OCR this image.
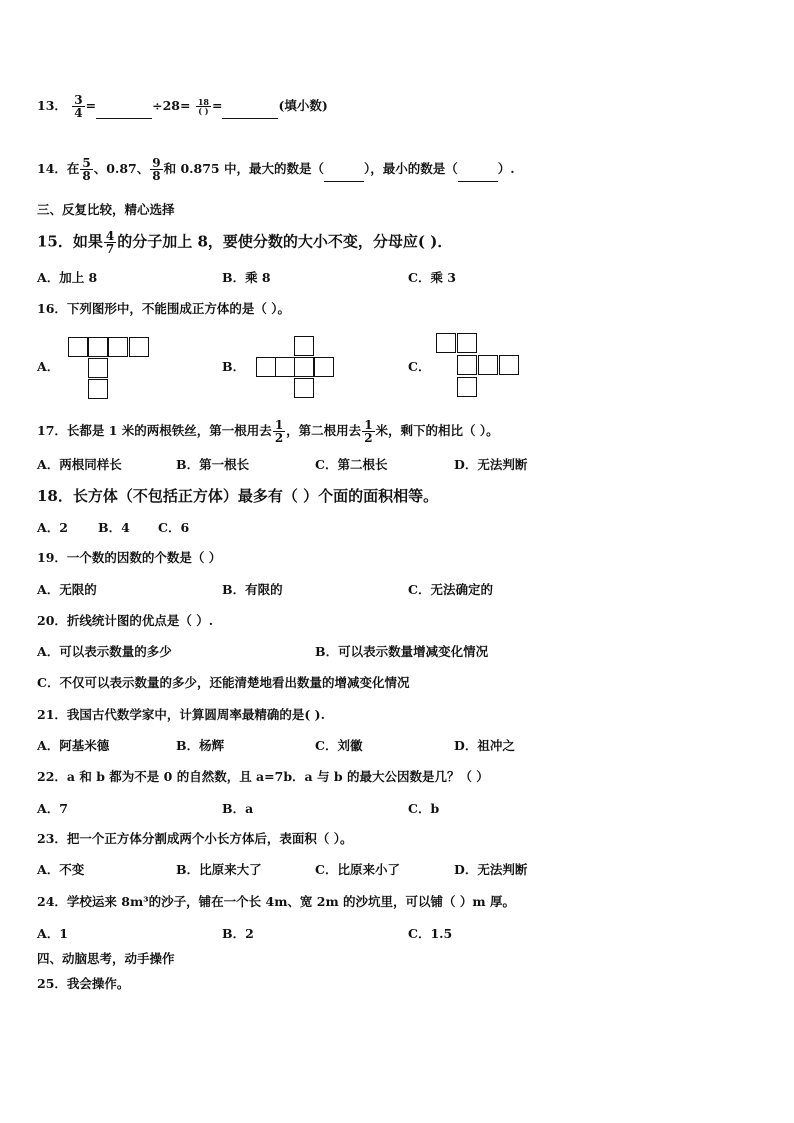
13． $\frac{3}{4}$ =	$\div 28= \frac{18}{( )}$ =	(填小数)
14．在 $\frac{5}{8}$ 、0.87、 $\frac{9}{8}$ 和 0.875 中，最大的数是（	），最小的数是（	）.
三、反复比较，精心选择
15．如果 $\frac{4}{7}$ 的分子加上 8，要使分数的大小不变，分母应( )．
A．加上 8	B．乘 8	C．乘 3
16．下列图形中，不能围成正方体的是（ ）。
A．	B．	C．
17．长都是 1 米的两根铁丝，第一根用去 $\frac{1}{2}$ ，第二根用去 $\frac{1}{2}$ 米，剩下的相比（ ）。
A．两根同样长	B．第一根长	C．第二根长	D．无法判断
18．长方体（不包括正方体）最多有（ ）个面的面积相等。
A．2 B．4 C．6
19．一个数的因数的个数是（ ）
A．无限的	B．有限的	C．无法确定的
20．折线统计图的优点是（ ）.
A．可以表示数量的多少	B．可以表示数量增减变化情况
C．不仅可以表示数量的多少，还能清楚地看出数量的增减变化情况
21．我国古代数学家中，计算圆周率最精确的是( ).
A．阿基米德	B．杨辉	C．刘徽	D．祖冲之
22．a 和 b 都为不是 0 的自然数，且 a=7b．a 与 b 的最大公因数是几？（ ）
A．7	B．a	C．b
23．把一个正方体分割成两个小长方体后，表面积（ ）。
A．不变	B．比原来大了	C．比原来小了	D．无法判断
24．学校运来 8m³的沙子，铺在一个长 4m、宽 2m 的沙坑里，可以铺（ ）m 厚。
A．1	B．2	C．1.5
四、动脑思考，动手操作
25．我会操作。
